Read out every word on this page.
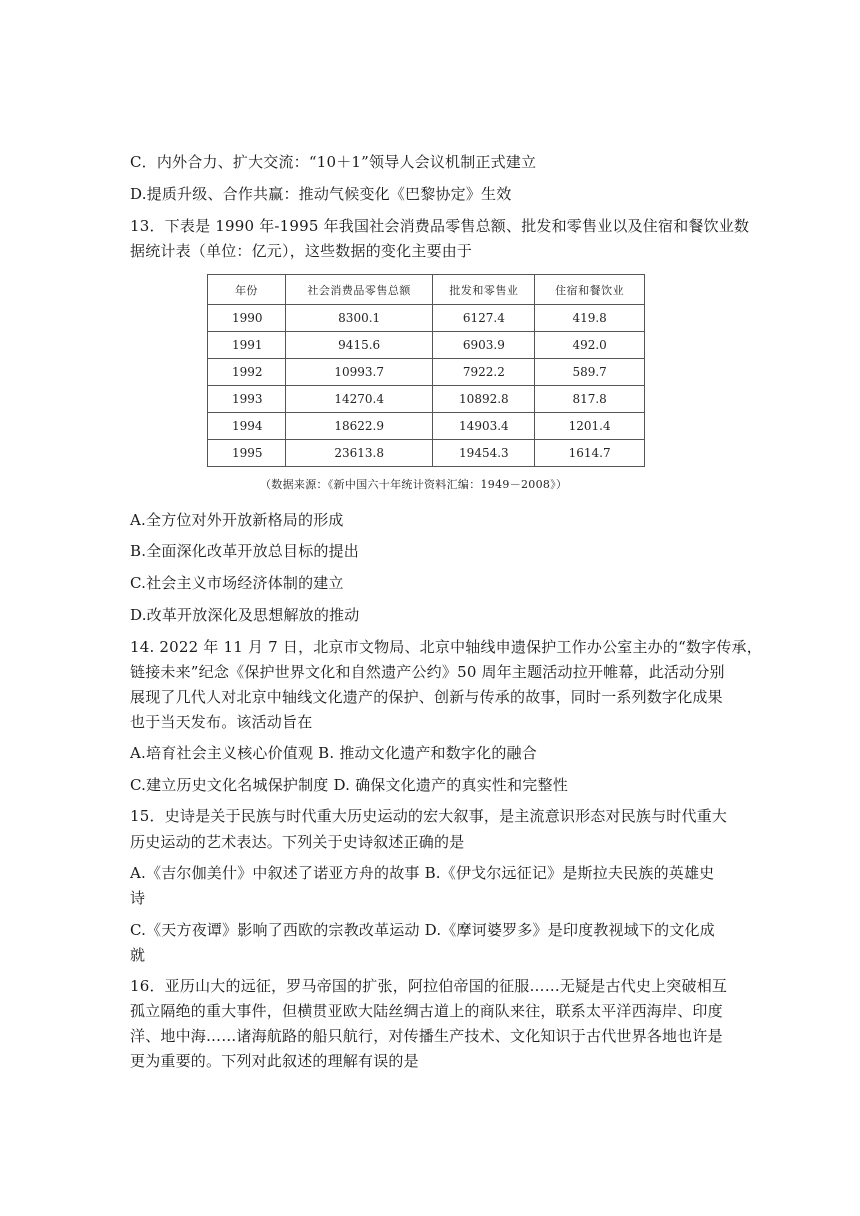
C．内外合力、扩大交流：“10＋1”领导人会议机制正式建立
D.提质升级、合作共赢：推动气候变化《巴黎协定》生效
13．下表是 1990 年-1995 年我国社会消费品零售总额、批发和零售业以及住宿和餐饮业数
据统计表（单位：亿元），这些数据的变化主要由于
年份	社会消费品零售总额	批发和零售业	住宿和餐饮业
1990	8300.1	6127.4	419.8
1991	9415.6	6903.9	492.0
1992	10993.7	7922.2	589.7
1993	14270.4	10892.8	817.8
1994	18622.9	14903.4	1201.4
1995	23613.8	19454.3	1614.7
（数据来源：《新中国六十年统计资料汇编：1949－2008》）
A.全方位对外开放新格局的形成
B.全面深化改革开放总目标的提出
C.社会主义市场经济体制的建立
D.改革开放深化及思想解放的推动
14. 2022 年 11 月 7 日，北京市文物局、北京中轴线申遗保护工作办公室主办的“数字传承，
链接未来”纪念《保护世界文化和自然遗产公约》50 周年主题活动拉开帷幕，此活动分别
展现了几代人对北京中轴线文化遗产的保护、创新与传承的故事，同时一系列数字化成果
也于当天发布。该活动旨在
A.培育社会主义核心价值观 B. 推动文化遗产和数字化的融合
C.建立历史文化名城保护制度 D. 确保文化遗产的真实性和完整性
15．史诗是关于民族与时代重大历史运动的宏大叙事，是主流意识形态对民族与时代重大
历史运动的艺术表达。下列关于史诗叙述正确的是
A.《吉尔伽美什》中叙述了诺亚方舟的故事 B.《伊戈尔远征记》是斯拉夫民族的英雄史
诗
C.《天方夜谭》影响了西欧的宗教改革运动 D.《摩诃婆罗多》是印度教视域下的文化成
就
16．亚历山大的远征，罗马帝国的扩张，阿拉伯帝国的征服……无疑是古代史上突破相互
孤立隔绝的重大事件，但横贯亚欧大陆丝绸古道上的商队来往，联系太平洋西海岸、印度
洋、地中海……诸海航路的船只航行，对传播生产技术、文化知识于古代世界各地也许是
更为重要的。下列对此叙述的理解有误的是
